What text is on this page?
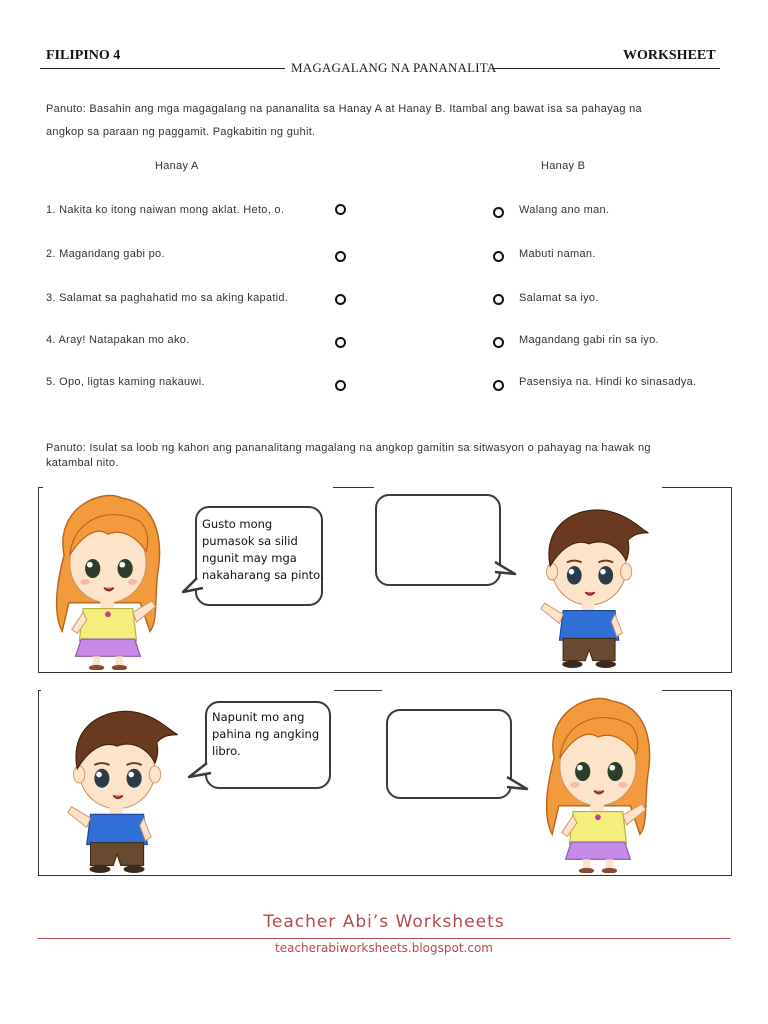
FILIPINO 4	WORKSHEET
MAGAGALANG NA PANANALITA
Panuto: Basahin ang mga magagalang na pananalita sa Hanay A at Hanay B. Itambal ang bawat isa sa pahayag na
angkop sa paraan ng paggamit. Pagkabitin ng guhit.
Hanay A	Hanay B
1. Nakita ko itong naiwan mong aklat. Heto, o.
2. Magandang gabi po.
3. Salamat sa paghahatid mo sa aking kapatid.
4. Aray! Natapakan mo ako.
5. Opo, ligtas kaming nakauwi.
Walang ano man.
Mabuti naman.
Salamat sa iyo.
Magandang gabi rin sa iyo.
Pasensiya na. Hindi ko sinasadya.
Panuto: Isulat sa loob ng kahon ang pananalitang magalang na angkop gamitin sa sitwasyon o pahayag na hawak ng
katambal nito.
Gusto mong
pumasok sa silid
ngunit may mga
nakaharang sa pinto.
Napunit mo ang
pahina ng angking
libro.
Teacher Abi’s Worksheets
teacherabiworksheets.blogspot.com
